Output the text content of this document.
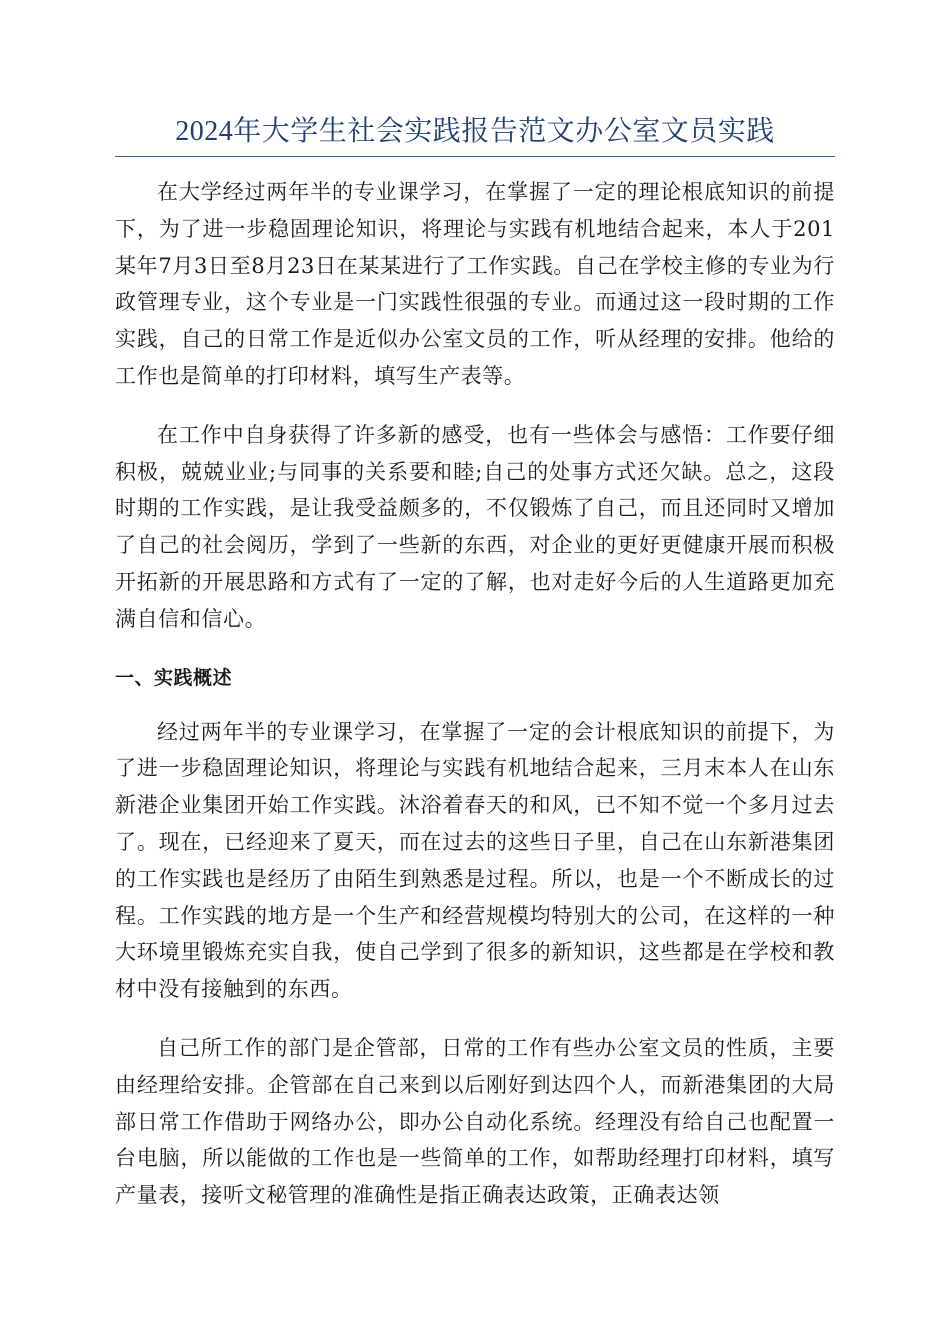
2024年大学生社会实践报告范文办公室文员实践

在大学经过两年半的专业课学习，在掌握了一定的理论根底知识的前提下，为了进一步稳固理论知识，将理论与实践有机地结合起来，本人于201某年7月3日至8月23日在某某进行了工作实践。自己在学校主修的专业为行政管理专业，这个专业是一门实践性很强的专业。而通过这一段时期的工作实践，自己的日常工作是近似办公室文员的工作，听从经理的安排。他给的工作也是简单的打印材料，填写生产表等。

在工作中自身获得了许多新的感受，也有一些体会与感悟：工作要仔细积极，兢兢业业;与同事的关系要和睦;自己的处事方式还欠缺。总之，这段时期的工作实践，是让我受益颇多的，不仅锻炼了自己，而且还同时又增加了自己的社会阅历，学到了一些新的东西，对企业的更好更健康开展而积极开拓新的开展思路和方式有了一定的了解，也对走好今后的人生道路更加充满自信和信心。

一、实践概述

经过两年半的专业课学习，在掌握了一定的会计根底知识的前提下，为了进一步稳固理论知识，将理论与实践有机地结合起来，三月末本人在山东新港企业集团开始工作实践。沐浴着春天的和风，已不知不觉一个多月过去了。现在，已经迎来了夏天，而在过去的这些日子里，自己在山东新港集团的工作实践也是经历了由陌生到熟悉是过程。所以，也是一个不断成长的过程。工作实践的地方是一个生产和经营规模均特别大的公司，在这样的一种大环境里锻炼充实自我，使自己学到了很多的新知识，这些都是在学校和教材中没有接触到的东西。

自己所工作的部门是企管部，日常的工作有些办公室文员的性质，主要由经理给安排。企管部在自己来到以后刚好到达四个人，而新港集团的大局部日常工作借助于网络办公，即办公自动化系统。经理没有给自己也配置一台电脑，所以能做的工作也是一些简单的工作，如帮助经理打印材料，填写产量表，接听文秘管理的准确性是指正确表达政策，正确表达领
